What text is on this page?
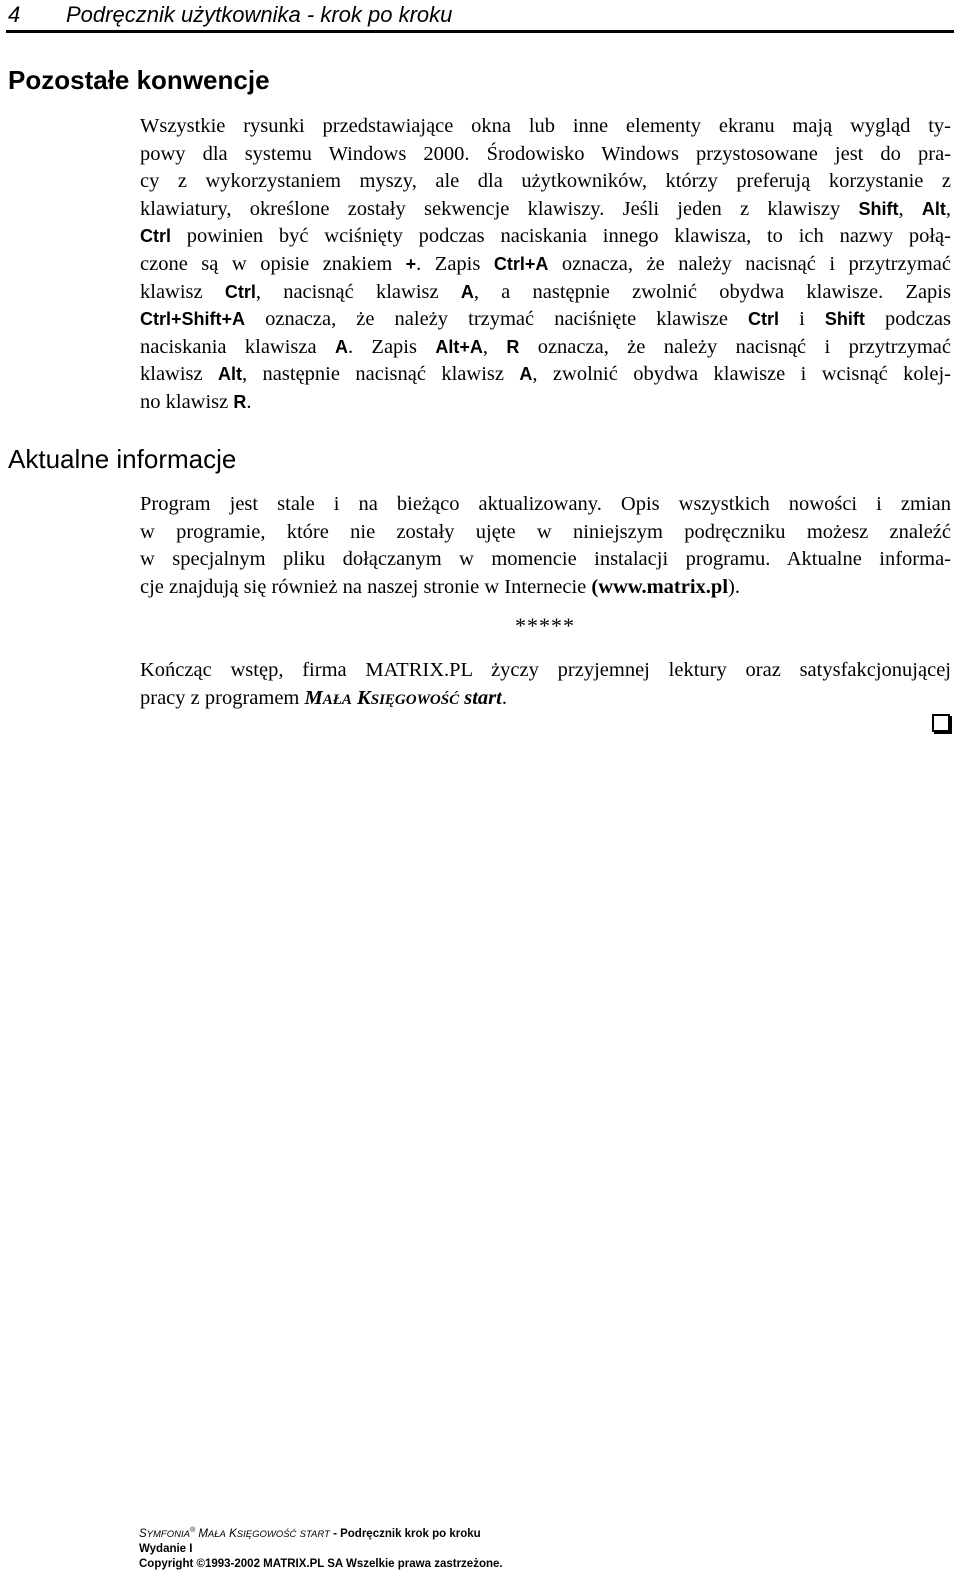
4 Podręcznik użytkownika - krok po kroku
Pozostałe konwencje
Wszystkie rysunki przedstawiające okna lub inne elementy ekranu mają wygląd ty-
powy dla systemu Windows 2000. Środowisko Windows przystosowane jest do pra-
cy z wykorzystaniem myszy, ale dla użytkowników, którzy preferują korzystanie z
klawiatury, określone zostały sekwencje klawiszy. Jeśli jeden z klawiszy Shift, Alt,
Ctrl powinien być wciśnięty podczas naciskania innego klawisza, to ich nazwy połą-
czone są w opisie znakiem +. Zapis Ctrl+A oznacza, że należy nacisnąć i przytrzymać
klawisz Ctrl, nacisnąć klawisz A, a następnie zwolnić obydwa klawisze. Zapis
Ctrl+Shift+A oznacza, że należy trzymać naciśnięte klawisze Ctrl i Shift podczas
naciskania klawisza A. Zapis Alt+A, R oznacza, że należy nacisnąć i przytrzymać
klawisz Alt, następnie nacisnąć klawisz A, zwolnić obydwa klawisze i wcisnąć kolej-
no klawisz R.
Aktualne informacje
Program jest stale i na bieżąco aktualizowany. Opis wszystkich nowości i zmian
w programie, które nie zostały ujęte w niniejszym podręczniku możesz znaleźć
w specjalnym pliku dołączanym w momencie instalacji programu. Aktualne informa-
cje znajdują się również na naszej stronie w Internecie (www.matrix.pl).
*****
Kończąc wstęp, firma MATRIX.PL życzy przyjemnej lektury oraz satysfakcjonującej
pracy z programem MAŁA KSIĘGOWOŚĆ start.
SYMFONIA® MAŁA KSIĘGOWOŚĆ START - Podręcznik krok po kroku
Wydanie I
Copyright ©1993-2002 MATRIX.PL SA Wszelkie prawa zastrzeżone.
